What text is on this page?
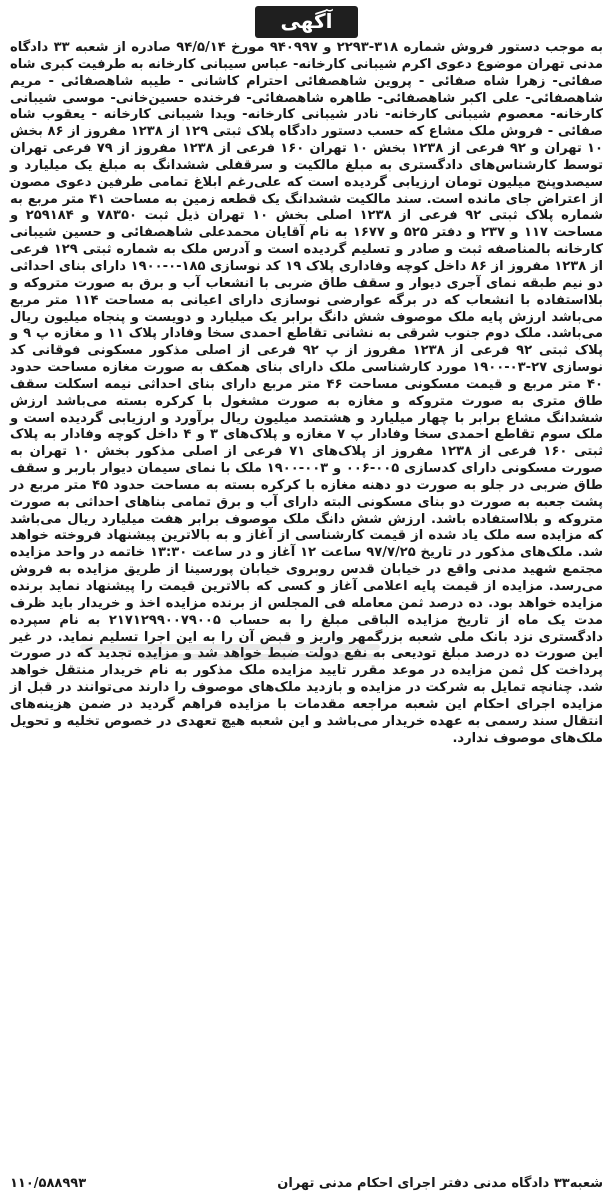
آگهی

به موجب دستور فروش شماره ۳۱۸-۲۲۹۳ و ۹۴۰۹۹۷ مورخ ۹۴/۵/۱۴ صادره از شعبه ۳۳ دادگاه مدنی تهران موضوع دعوی اکرم شیبانی کارخانه- عباس سیبانی کارخانه به طرفیت کبری شاه صفائی- زهرا شاه صفائی - پروین شاهصفائی احترام کاشانی - طیبه شاهصفائی - مریم شاهصفائی- علی اکبر شاهصفائی- طاهره شاهصفائی- فرخنده حسین‌خانی- موسی شیبانی کارخانه- معصوم شیبانی کارخانه- نادر شیبانی کارخانه- ویدا شیبانی کارخانه - یعقوب شاه صفائی - فروش ملک مشاع که حسب دستور دادگاه پلاک ثبتی ۱۲۹ از ۱۲۳۸ مفروز از ۸۶ بخش ۱۰ تهران و ۹۲ فرعی از ۱۲۳۸ بخش ۱۰ تهران ۱۶۰ فرعی از ۱۲۳۸ مفروز از ۷۹ فرعی تهران توسط کارشناس‌های دادگستری به مبلغ مالکیت و سرقفلی ششدانگ به مبلغ یک میلیارد و سیصدوپنج میلیون تومان ارزیابی گردیده است که علی‌رغم ابلاغ تمامی طرفین دعوی مصون از اعتراض جای مانده است. سند مالکیت ششدانگ یک قطعه زمین به مساحت ۴۱ متر مربع به شماره پلاک ثبتی ۹۲ فرعی از ۱۲۳۸ اصلی بخش ۱۰ تهران ذیل ثبت ۷۸۳۵۰ و ۲۵۹۱۸۴ و مساحت ۱۱۷ و ۲۳۷ و دفتر ۵۲۵ و ۱۶۷۷ به نام آقایان محمدعلی شاهصفائی و حسین شیبانی کارخانه بالمناصفه ثبت و صادر و تسلیم گردیده است و آدرس ملک به شماره ثبتی ۱۲۹ فرعی از ۱۲۳۸ مفروز از ۸۶ داخل کوچه وفاداری پلاک ۱۹ کد نوسازی ۱۸۵-۰-۱۹۰۰ دارای بنای احداثی دو نیم طبقه نمای آجری دیوار و سقف طاق ضربی با انشعاب آب و برق به صورت متروکه و بلااستفاده با انشعاب که در برگه عوارضی نوسازی دارای اعیانی به مساحت ۱۱۴ متر مربع می‌باشد ارزش پایه ملک موصوف شش دانگ برابر یک میلیارد و دویست و پنجاه میلیون ریال می‌باشد. ملک دوم جنوب شرقی به نشانی تقاطع احمدی سخا وفادار پلاک ۱۱ و مغازه پ ۹ و پلاک ثبتی ۹۲ فرعی از ۱۲۳۸ مفروز از پ ۹۲ فرعی از اصلی مذکور مسکونی فوقانی کد نوسازی ۲۷-۰۳-۱۹۰۰ مورد کارشناسی ملک دارای بنای همکف به صورت مغازه مساحت حدود ۴۰ متر مربع و قیمت مسکونی مساحت ۴۶ متر مربع دارای بنای احداثی نیمه اسکلت سقف طاق متری به صورت متروکه و مغازه به صورت مشغول با کرکره بسته می‌باشد ارزش ششدانگ مشاع برابر با چهار میلیارد و هشتصد میلیون ریال برآورد و ارزیابی گردیده است و ملک سوم تقاطع احمدی سخا وفادار پ ۷ مغازه و پلاک‌های ۳ و ۴ داخل کوچه وفادار به پلاک ثبتی ۱۶۰ فرعی از ۱۲۳۸ مفروز از پلاک‌های ۷۱ فرعی از اصلی مذکور بخش ۱۰ تهران به صورت مسکونی دارای کدسازی ۰۰۵-۰۰۶ و ۰۰۳-۱۹۰۰ ملک با نمای سیمان دیوار باربر و سقف طاق ضربی در جلو به صورت دو دهنه مغازه با کرکره بسته به مساحت حدود ۴۵ متر مربع در پشت جعبه به صورت دو بنای مسکونی البته دارای آب و برق تمامی بناهای احداثی به صورت متروکه و بلااستفاده باشد. ارزش شش دانگ ملک موصوف برابر هفت میلیارد ریال می‌باشد که مزایده سه ملک یاد شده از قیمت کارشناسی از آغاز و به بالاترین پیشنهاد فروخته خواهد شد. ملک‌های مذکور در تاریخ ۹۷/۷/۲۵ ساعت ۱۲ آغاز و در ساعت ۱۳:۳۰ خاتمه در واحد مزایده مجتمع شهید مدنی واقع در خیابان قدس روبروی خیابان پورسینا از طریق مزایده به فروش می‌رسد. مزایده از قیمت پایه اعلامی آغاز و کسی که بالاترین قیمت را پیشنهاد نماید برنده مزایده خواهد بود. ده درصد ثمن معامله فی المجلس از برنده مزایده اخذ و خریدار باید ظرف مدت یک ماه از تاریخ مزایده الباقی مبلغ را به حساب ۲۱۷۱۲۹۹۰۰۷۹۰۰۵ به نام سپرده دادگستری نزد بانک ملی شعبه بزرگمهر واریز و قبض آن را به این اجرا تسلیم نماید. در غیر این صورت ده درصد مبلغ تودیعی به نفع دولت ضبط خواهد شد و مزایده تجدید که در صورت پرداخت کل ثمن مزایده در موعد مقرر تایید مزایده ملک مذکور به نام خریدار منتقل خواهد شد. چنانچه تمایل به شرکت در مزایده و بازدید ملک‌های موصوف را دارند می‌توانند در قبل از مزایده اجرای احکام این شعبه مراجعه مقدمات با مزایده فراهم گردید در ضمن هزینه‌های انتقال سند رسمی به عهده خریدار می‌باشد و این شعبه هیچ تعهدی در خصوص تخلیه و تحویل ملک‌های موصوف ندارد.

شعبه۳۳ دادگاه مدنی دفتر اجرای احکام مدنی تهران
۱۱۰/۵۸۸۹۹۳
